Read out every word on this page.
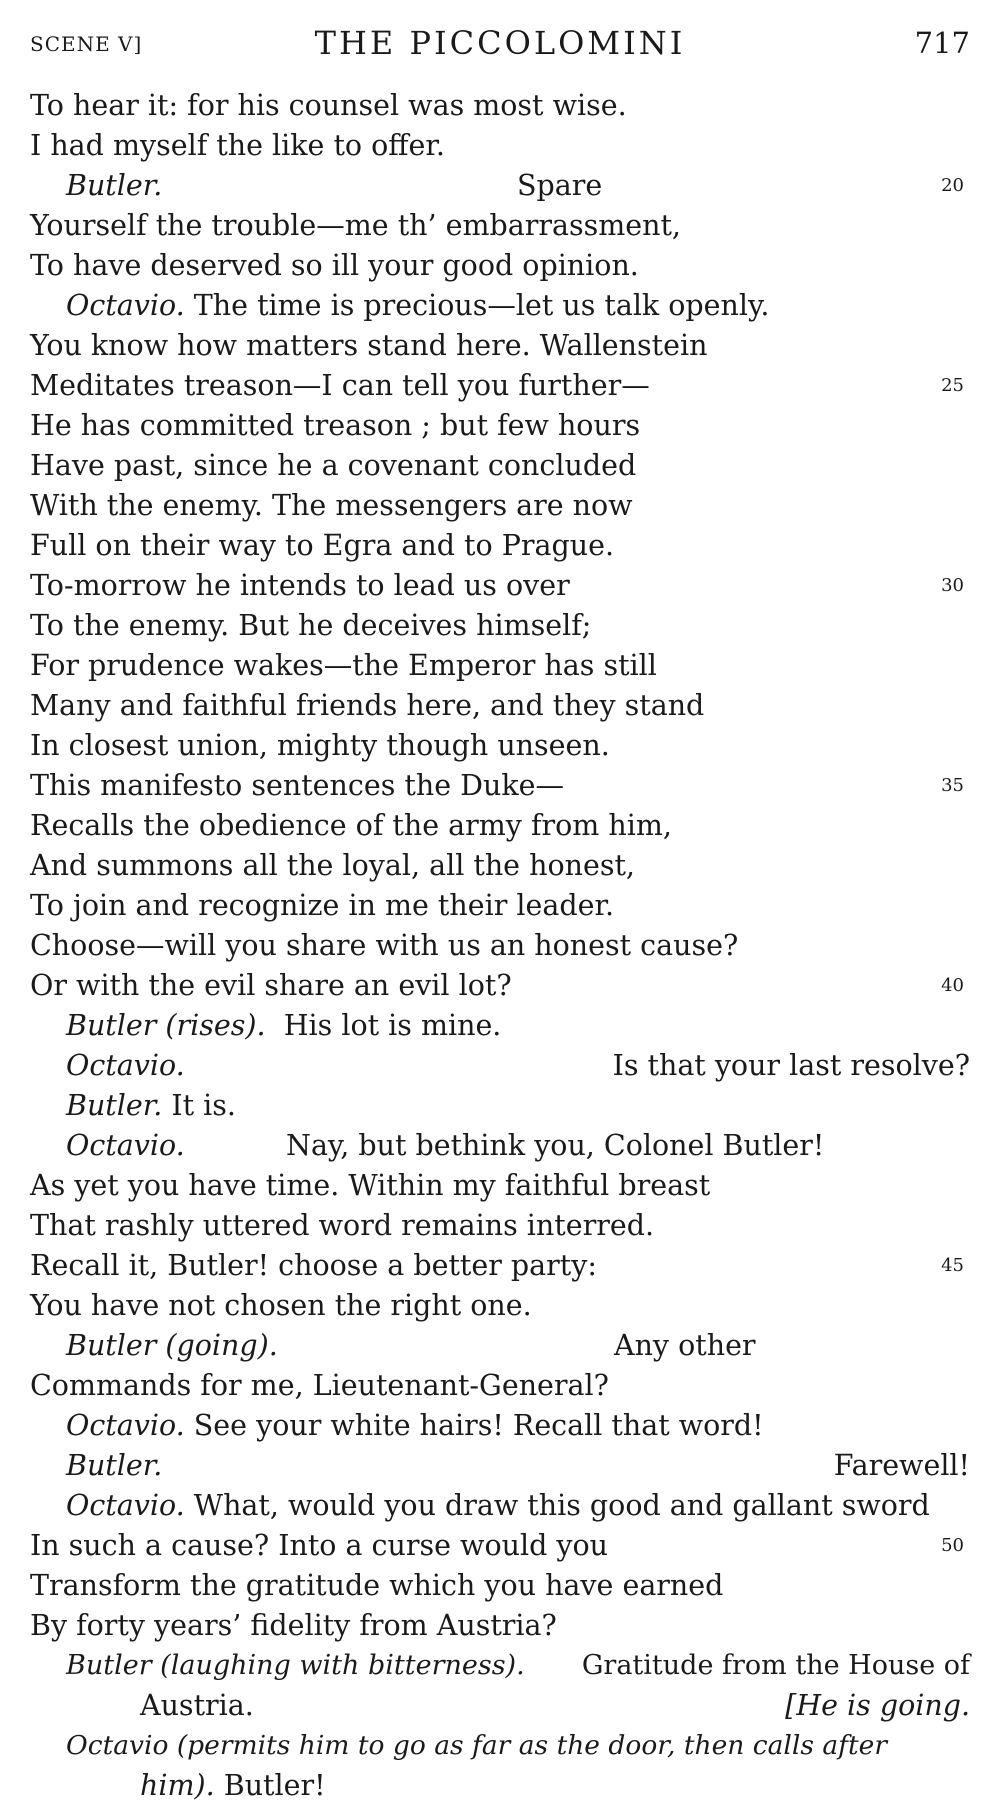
SCENE V]	THE PICCOLOMINI	717
To hear it: for his counsel was most wise.
I had myself the like to offer.
Butler.	Spare	20
Yourself the trouble—me th’ embarrassment,
To have deserved so ill your good opinion.
Octavio. The time is precious—let us talk openly.
You know how matters stand here. Wallenstein
Meditates treason—I can tell you further—	25
He has committed treason ; but few hours
Have past, since he a covenant concluded
With the enemy. The messengers are now
Full on their way to Egra and to Prague.
To-morrow he intends to lead us over	30
To the enemy. But he deceives himself;
For prudence wakes—the Emperor has still
Many and faithful friends here, and they stand
In closest union, mighty though unseen.
This manifesto sentences the Duke—	35
Recalls the obedience of the army from him,
And summons all the loyal, all the honest,
To join and recognize in me their leader.
Choose—will you share with us an honest cause?
Or with the evil share an evil lot?	40
Butler (rises). His lot is mine.
Octavio.	Is that your last resolve?
Butler. It is.
Octavio.	Nay, but bethink you, Colonel Butler!
As yet you have time. Within my faithful breast
That rashly uttered word remains interred.
Recall it, Butler! choose a better party:	45
You have not chosen the right one.
Butler (going).	Any other
Commands for me, Lieutenant-General?
Octavio. See your white hairs! Recall that word!
Butler.	Farewell!
Octavio. What, would you draw this good and gallant sword
In such a cause? Into a curse would you	50
Transform the gratitude which you have earned
By forty years’ fidelity from Austria?
Butler (laughing with bitterness). Gratitude from the House of
Austria.	[He is going.
Octavio (permits him to go as far as the door, then calls after
him). Butler!
